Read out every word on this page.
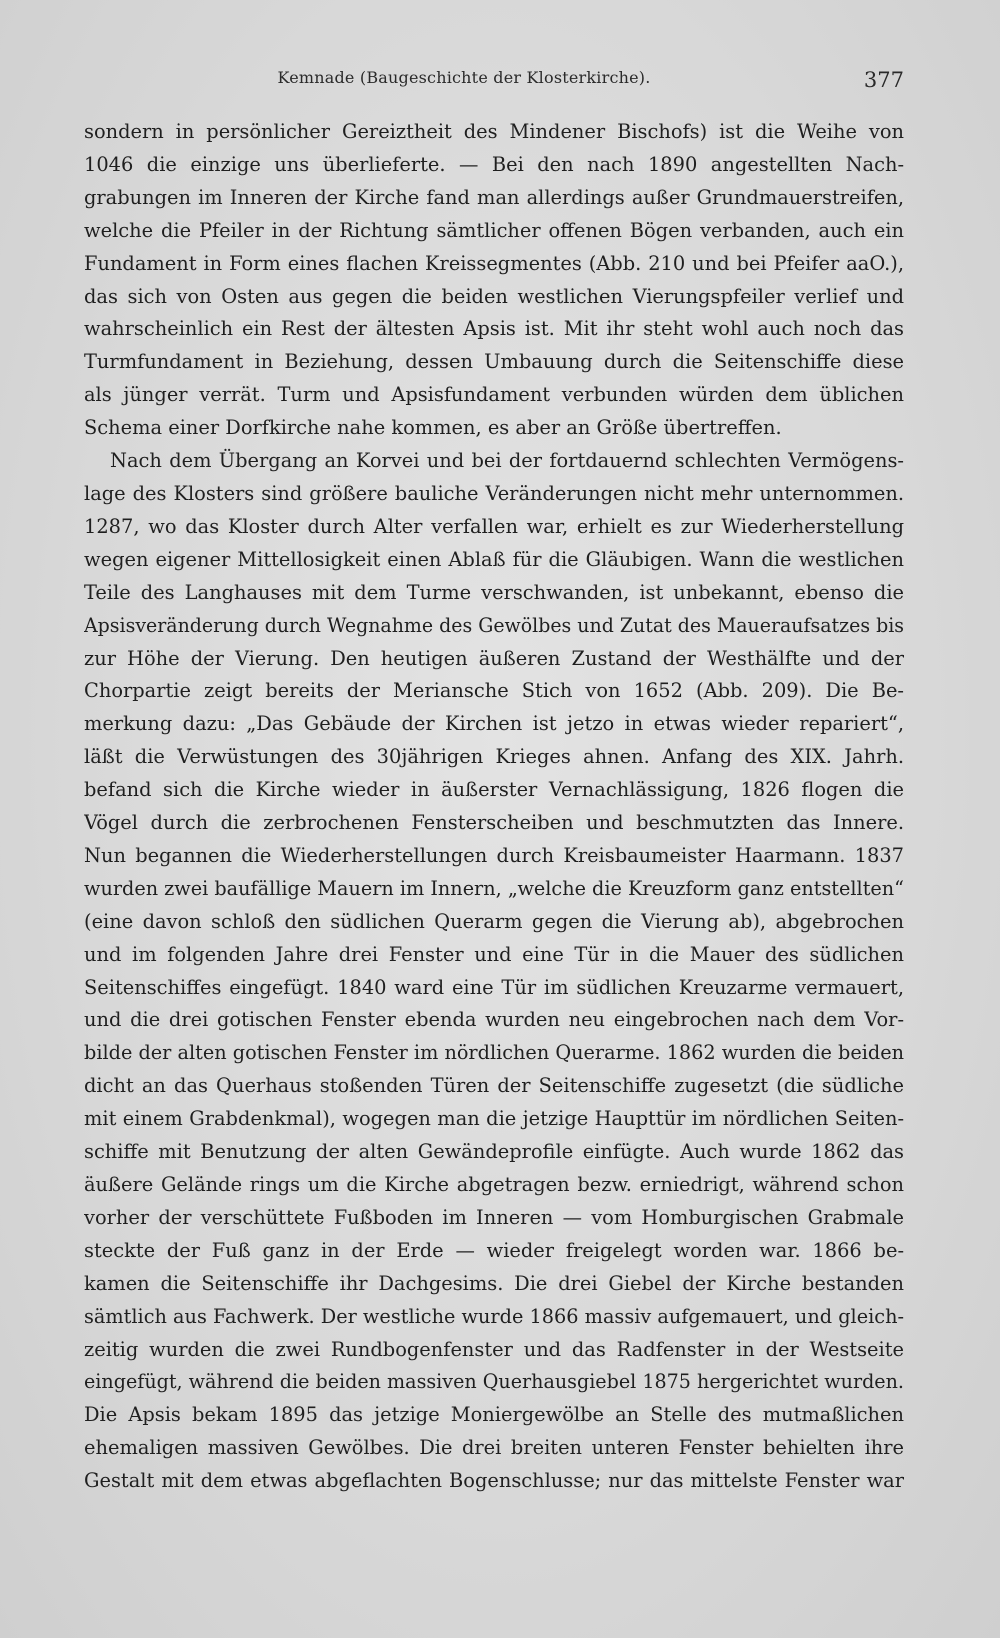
Kemnade (Baugeschichte der Klosterkirche).	377

sondern in persönlicher Gereiztheit des Mindener Bischofs) ist die Weihe von
1046 die einzige uns überlieferte. — Bei den nach 1890 angestellten Nach-
grabungen im Inneren der Kirche fand man allerdings außer Grundmauerstreifen,
welche die Pfeiler in der Richtung sämtlicher offenen Bögen verbanden, auch ein
Fundament in Form eines flachen Kreissegmentes (Abb. 210 und bei Pfeifer aaO.),
das sich von Osten aus gegen die beiden westlichen Vierungspfeiler verlief und
wahrscheinlich ein Rest der ältesten Apsis ist. Mit ihr steht wohl auch noch das
Turmfundament in Beziehung, dessen Umbauung durch die Seitenschiffe diese
als jünger verrät. Turm und Apsisfundament verbunden würden dem üblichen
Schema einer Dorfkirche nahe kommen, es aber an Größe übertreffen.

Nach dem Übergang an Korvei und bei der fortdauernd schlechten Vermögens-
lage des Klosters sind größere bauliche Veränderungen nicht mehr unternommen.
1287, wo das Kloster durch Alter verfallen war, erhielt es zur Wiederherstellung
wegen eigener Mittellosigkeit einen Ablaß für die Gläubigen. Wann die westlichen
Teile des Langhauses mit dem Turme verschwanden, ist unbekannt, ebenso die
Apsisveränderung durch Wegnahme des Gewölbes und Zutat des Maueraufsatzes bis
zur Höhe der Vierung. Den heutigen äußeren Zustand der Westhälfte und der
Chorpartie zeigt bereits der Meriansche Stich von 1652 (Abb. 209). Die Be-
merkung dazu: „Das Gebäude der Kirchen ist jetzo in etwas wieder repariert“,
läßt die Verwüstungen des 30jährigen Krieges ahnen. Anfang des XIX. Jahrh.
befand sich die Kirche wieder in äußerster Vernachlässigung, 1826 flogen die
Vögel durch die zerbrochenen Fensterscheiben und beschmutzten das Innere.
Nun begannen die Wiederherstellungen durch Kreisbaumeister Haarmann. 1837
wurden zwei baufällige Mauern im Innern, „welche die Kreuzform ganz entstellten“
(eine davon schloß den südlichen Querarm gegen die Vierung ab), abgebrochen
und im folgenden Jahre drei Fenster und eine Tür in die Mauer des südlichen
Seitenschiffes eingefügt. 1840 ward eine Tür im südlichen Kreuzarme vermauert,
und die drei gotischen Fenster ebenda wurden neu eingebrochen nach dem Vor-
bilde der alten gotischen Fenster im nördlichen Querarme. 1862 wurden die beiden
dicht an das Querhaus stoßenden Türen der Seitenschiffe zugesetzt (die südliche
mit einem Grabdenkmal), wogegen man die jetzige Haupttür im nördlichen Seiten-
schiffe mit Benutzung der alten Gewändeprofile einfügte. Auch wurde 1862 das
äußere Gelände rings um die Kirche abgetragen bezw. erniedrigt, während schon
vorher der verschüttete Fußboden im Inneren — vom Homburgischen Grabmale
steckte der Fuß ganz in der Erde — wieder freigelegt worden war. 1866 be-
kamen die Seitenschiffe ihr Dachgesims. Die drei Giebel der Kirche bestanden
sämtlich aus Fachwerk. Der westliche wurde 1866 massiv aufgemauert, und gleich-
zeitig wurden die zwei Rundbogenfenster und das Radfenster in der Westseite
eingefügt, während die beiden massiven Querhausgiebel 1875 hergerichtet wurden.
Die Apsis bekam 1895 das jetzige Moniergewölbe an Stelle des mutmaßlichen
ehemaligen massiven Gewölbes. Die drei breiten unteren Fenster behielten ihre
Gestalt mit dem etwas abgeflachten Bogenschlusse; nur das mittelste Fenster war
